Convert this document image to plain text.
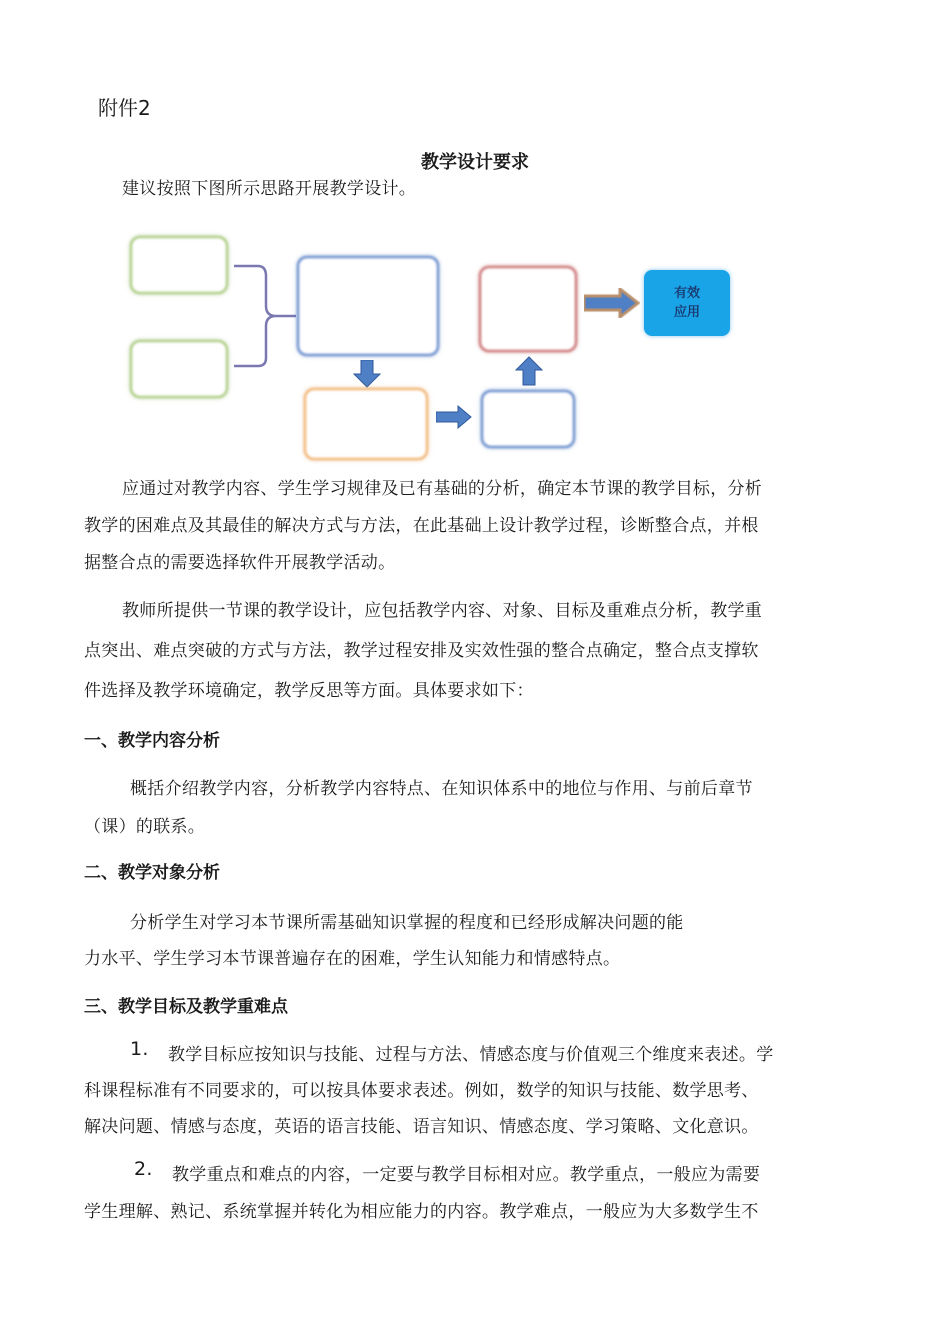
附件2
教学设计要求
建议按照下图所示思路开展教学设计。
有效
应用
应通过对教学内容、学生学习规律及已有基础的分析，确定本节课的教学目标，分析
教学的困难点及其最佳的解决方式与方法，在此基础上设计教学过程，诊断整合点，并根
据整合点的需要选择软件开展教学活动。
教师所提供一节课的教学设计，应包括教学内容、对象、目标及重难点分析，教学重
点突出、难点突破的方式与方法，教学过程安排及实效性强的整合点确定，整合点支撑软
件选择及教学环境确定，教学反思等方面。具体要求如下：
一、教学内容分析
概括介绍教学内容，分析教学内容特点、在知识体系中的地位与作用、与前后章节
（课）的联系。
二、教学对象分析
分析学生对学习本节课所需基础知识掌握的程度和已经形成解决问题的能
力水平、学生学习本节课普遍存在的困难，学生认知能力和情感特点。
三、教学目标及教学重难点
1. 教学目标应按知识与技能、过程与方法、情感态度与价值观三个维度来表述。学
科课程标准有不同要求的，可以按具体要求表述。例如，数学的知识与技能、数学思考、
解决问题、情感与态度，英语的语言技能、语言知识、情感态度、学习策略、文化意识。
2. 教学重点和难点的内容，一定要与教学目标相对应。教学重点，一般应为需要
学生理解、熟记、系统掌握并转化为相应能力的内容。教学难点，一般应为大多数学生不
